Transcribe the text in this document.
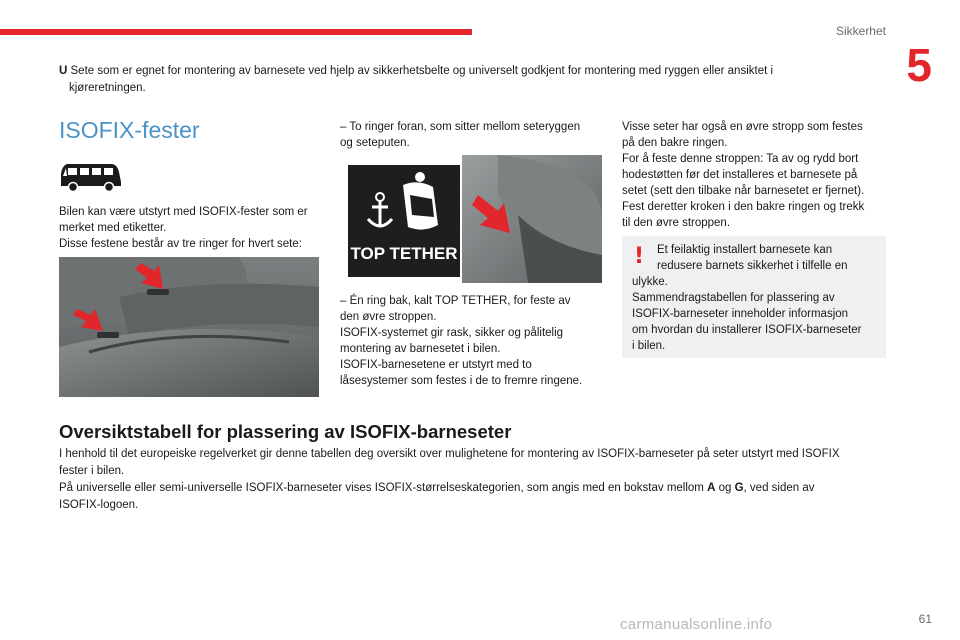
Sikkerhet
5

U Sete som er egnet for montering av barnesete ved hjelp av sikkerhetsbelte og universelt godkjent for montering med ryggen eller ansiktet i

kjøreretningen.

ISOFIX-fester

Bilen kan være utstyrt med ISOFIX-fester som er

merket med etiketter.

Disse festene består av tre ringer for hvert sete:

– To ringer foran, som sitter mellom seteryggen

og seteputen.

TOP TETHER

– Én ring bak, kalt TOP TETHER, for feste av

den øvre stroppen.

ISOFIX-systemet gir rask, sikker og pålitelig

montering av barnesetet i bilen.

ISOFIX-barnesetene er utstyrt med to

låsesystemer som festes i de to fremre ringene.

Visse seter har også en øvre stropp som festes

på den bakre ringen.

For å feste denne stroppen: Ta av og rydd bort

hodestøtten før det installeres et barnesete på

setet (sett den tilbake når barnesetet er fjernet).

Fest deretter kroken i den bakre ringen og trekk

til den øvre stroppen.

!	Et feilaktig installert barnesete kan
redusere barnets sikkerhet i tilfelle en

ulykke.

Sammendragstabellen for plassering av

ISOFIX-barneseter inneholder informasjon

om hvordan du installerer ISOFIX-barneseter

i bilen.

Oversiktstabell for plassering av ISOFIX-barneseter

I henhold til det europeiske regelverket gir denne tabellen deg oversikt over mulighetene for montering av ISOFIX-barneseter på seter utstyrt med ISOFIX

fester i bilen.

På universelle eller semi-universelle ISOFIX-barneseter vises ISOFIX-størrelseskategorien, som angis med en bokstav mellom A og G, ved siden av

ISOFIX-logoen.

carmanualsonline.info	61
